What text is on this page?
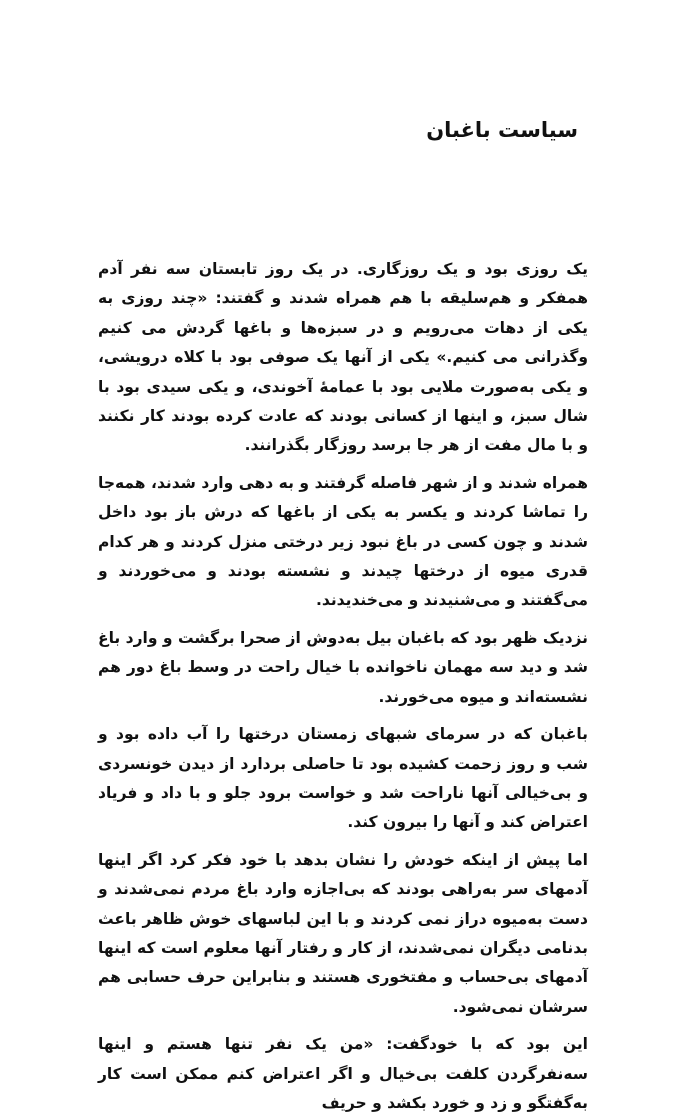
سیاست باغبان

یک روزی بود و یک روزگاری. در یک روز تابستان سه نفر آدم همفکر و هم‌سلیقه با هم همراه شدند و گفتند: «چند روزی به یکی از دهات می‌رویم و در سبزه‌ها و باغها گردش می کنیم وگذرانی می کنیم.» یکی از آنها یک صوفی بود با کلاه درویشی، و یکی به‌صورت ملایی بود با عمامهٔ آخوندی، و یکی سیدی بود با شال سبز، و اینها از کسانی بودند که عادت کرده بودند کار نکنند و با مال مفت از هر جا برسد روزگار بگذرانند.

همراه شدند و از شهر فاصله گرفتند و به دهی وارد شدند، همه‌جا را تماشا کردند و یکسر به یکی از باغها که درش باز بود داخل شدند و چون کسی در باغ نبود زیر درختی منزل کردند و هر کدام قدری میوه از درختها چیدند و نشسته بودند و می‌خوردند و می‌گفتند و می‌شنیدند و می‌خندیدند.

نزدیک ظهر بود که باغبان بیل به‌دوش از صحرا برگشت و وارد باغ شد و دید سه مهمان ناخوانده با خیال راحت در وسط باغ دور هم نشسته‌اند و میوه می‌خورند.

باغبان که در سرمای شبهای زمستان درختها را آب داده بود و شب و روز زحمت کشیده بود تا حاصلی بردارد از دیدن خونسردی و بی‌خیالی آنها ناراحت شد و خواست برود جلو و با داد و فریاد اعتراض کند و آنها را بیرون کند.

اما پیش از اینکه خودش را نشان بدهد با خود فکر کرد اگر اینها آدمهای سر به‌راهی بودند که بی‌اجازه وارد باغ مردم نمی‌شدند و دست به‌میوه دراز نمی کردند و با این لباسهای خوش ظاهر باعث بدنامی دیگران نمی‌شدند، از کار و رفتار آنها معلوم است که اینها آدمهای بی‌حساب و مفتخوری هستند و بنابراین حرف حسابی هم سرشان نمی‌شود.

این بود که با خودگفت: «من یک نفر تنها هستم و اینها سه‌نفرگردن کلفت بی‌خیال و اگر اعتراض کنم ممکن است کار به‌گفتگو و زد و خورد بکشد و حریف
